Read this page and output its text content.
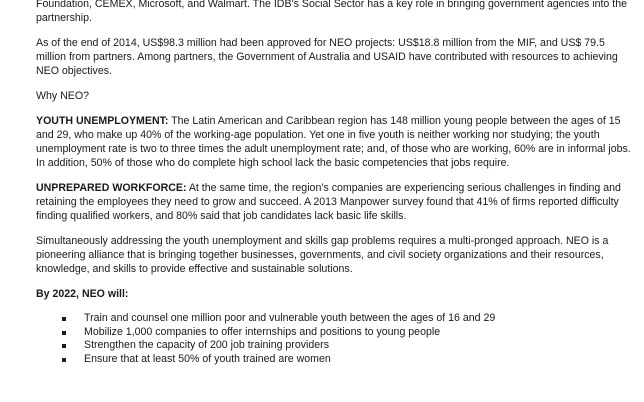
Foundation, CEMEX, Microsoft, and Walmart. The IDB’s Social Sector has a key role in bringing government agencies into the partnership.

As of the end of 2014, US$98.3 million had been approved for NEO projects: US$18.8 million from the MIF, and US$ 79.5 million from partners. Among partners, the Government of Australia and USAID have contributed with resources to achieving NEO objectives.

Why NEO?

YOUTH UNEMPLOYMENT: The Latin American and Caribbean region has 148 million young people between the ages of 15 and 29, who make up 40% of the working-age population. Yet one in five youth is neither working nor studying; the youth unemployment rate is two to three times the adult unemployment rate; and, of those who are working, 60% are in informal jobs. In addition, 50% of those who do complete high school lack the basic competencies that jobs require.

UNPREPARED WORKFORCE: At the same time, the region’s companies are experiencing serious challenges in finding and retaining the employees they need to grow and succeed. A 2013 Manpower survey found that 41% of firms reported difficulty finding qualified workers, and 80% said that job candidates lack basic life skills.

Simultaneously addressing the youth unemployment and skills gap problems requires a multi-pronged approach. NEO is a pioneering alliance that is bringing together businesses, governments, and civil society organizations and their resources, knowledge, and skills to provide effective and sustainable solutions.

By 2022, NEO will:

Train and counsel one million poor and vulnerable youth between the ages of 16 and 29
Mobilize 1,000 companies to offer internships and positions to young people
Strengthen the capacity of 200 job training providers
Ensure that at least 50% of youth trained are women
